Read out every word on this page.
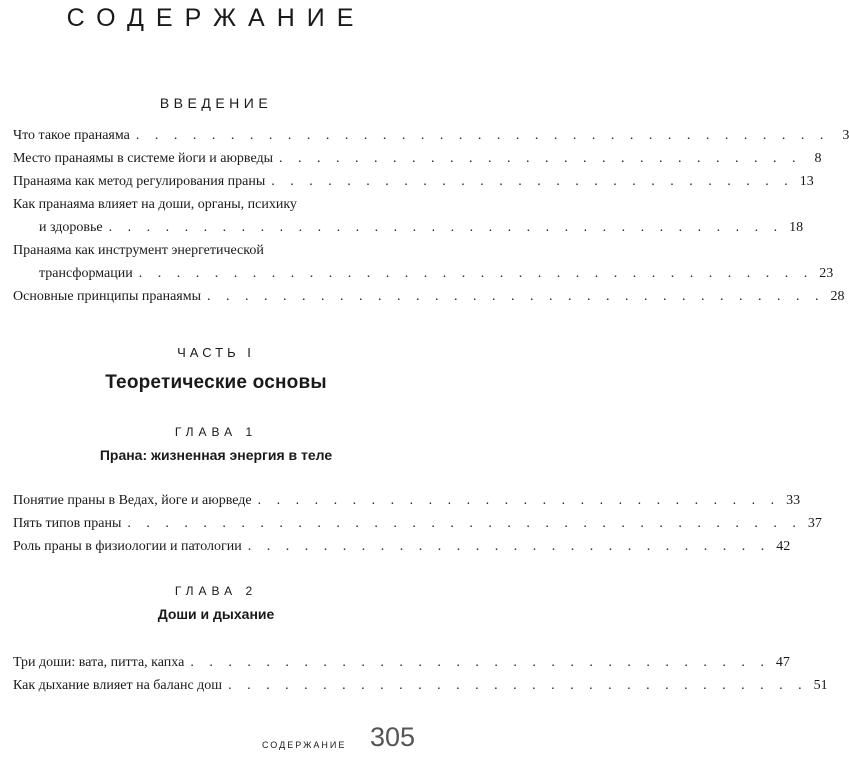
СОДЕРЖАНИЕ
ВВЕДЕНИЕ
Что такое пранаяма . . . . . . . . . . . . . . . . . . . . . . . . . . . . . . . . . . . . . 3
Место пранаямы в системе йоги и аюрведы . . . . . . . . . . . . . . . . . . . . . . . . . . . . 8
Пранаяма как метод регулирования праны . . . . . . . . . . . . . . . . . . . . . . . . . . . . 13
Как пранаяма влияет на доши, органы, психику
и здоровье . . . . . . . . . . . . . . . . . . . . . . . . . . . . . . . . . . . . 18
Пранаяма как инструмент энергетической
трансформации . . . . . . . . . . . . . . . . . . . . . . . . . . . . . . . . . . . . 23
Основные принципы пранаямы . . . . . . . . . . . . . . . . . . . . . . . . . . . . . . . . . 28
ЧАСТЬ I
Теоретические основы
ГЛАВА 1
Прана: жизненная энергия в теле
Понятие праны в Ведах, йоге и аюрведе . . . . . . . . . . . . . . . . . . . . . . . . . . . . 33
Пять типов праны . . . . . . . . . . . . . . . . . . . . . . . . . . . . . . . . . . . . 37
Роль праны в физиологии и патологии . . . . . . . . . . . . . . . . . . . . . . . . . . . . 42
ГЛАВА 2
Доши и дыхание
Три доши: вата, питта, капха . . . . . . . . . . . . . . . . . . . . . . . . . . . . . . . 47
Как дыхание влияет на баланс дош . . . . . . . . . . . . . . . . . . . . . . . . . . . . . . . 51
СОДЕРЖАНИЕ 305
